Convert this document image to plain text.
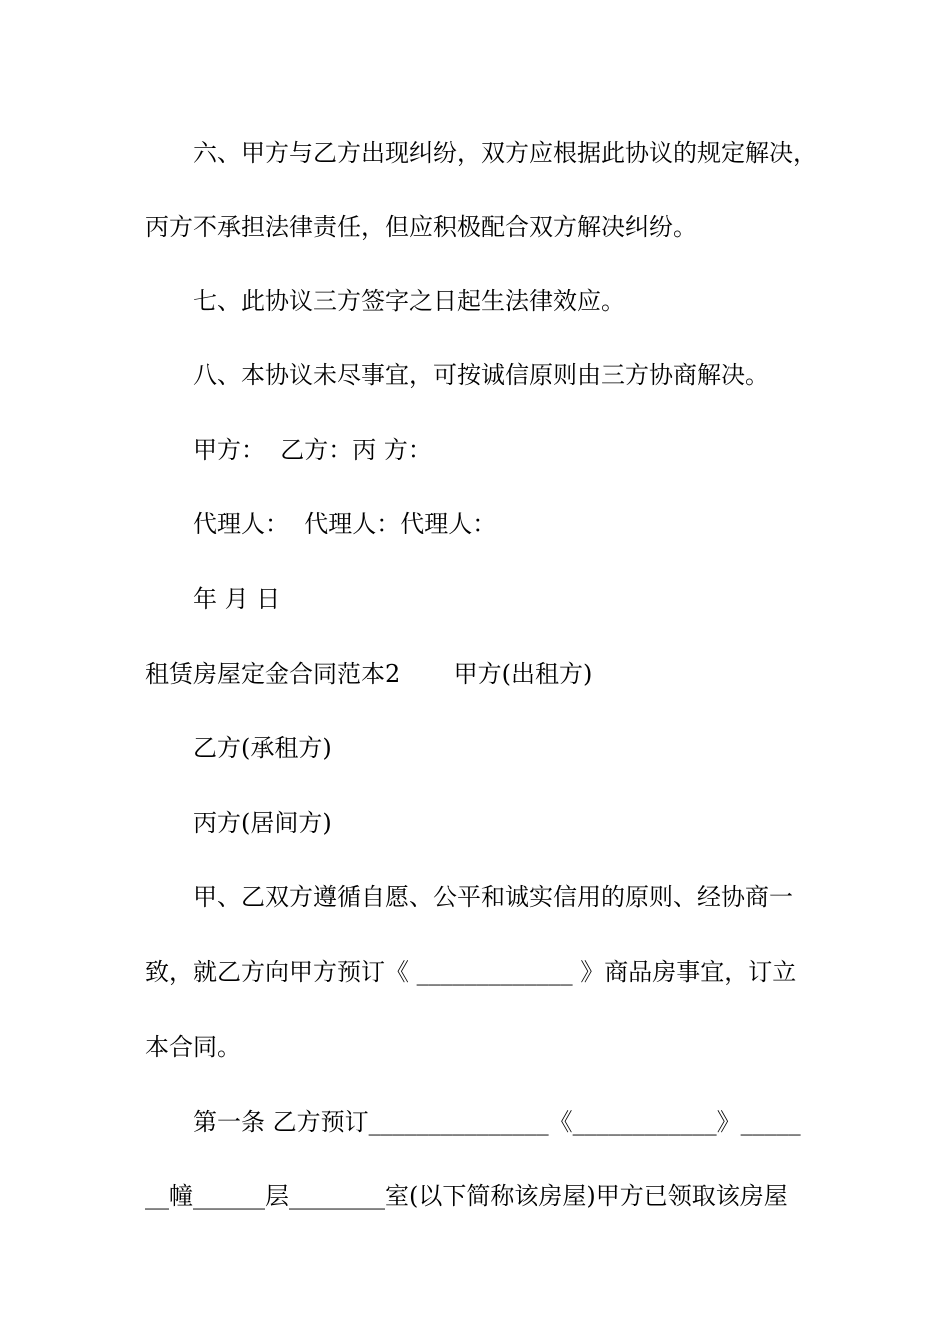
六、甲方与乙方出现纠纷，双方应根据此协议的规定解决，
丙方不承担法律责任，但应积极配合双方解决纠纷。
七、此协议三方签字之日起生法律效应。
八、本协议未尽事宜，可按诚信原则由三方协商解决。
甲方：  乙方：丙 方：
代理人：  代理人：代理人：
年 月 日
租赁房屋定金合同范本2       甲方(出租方)
乙方(承租方)
丙方(居间方)
甲、乙双方遵循自愿、公平和诚实信用的原则、经协商一
致，就乙方向甲方预订《 _____________ 》商品房事宜，订立
本合同。
第一条 乙方预订_______________《____________》_____
__幢______层________室(以下简称该房屋)甲方已领取该房屋
